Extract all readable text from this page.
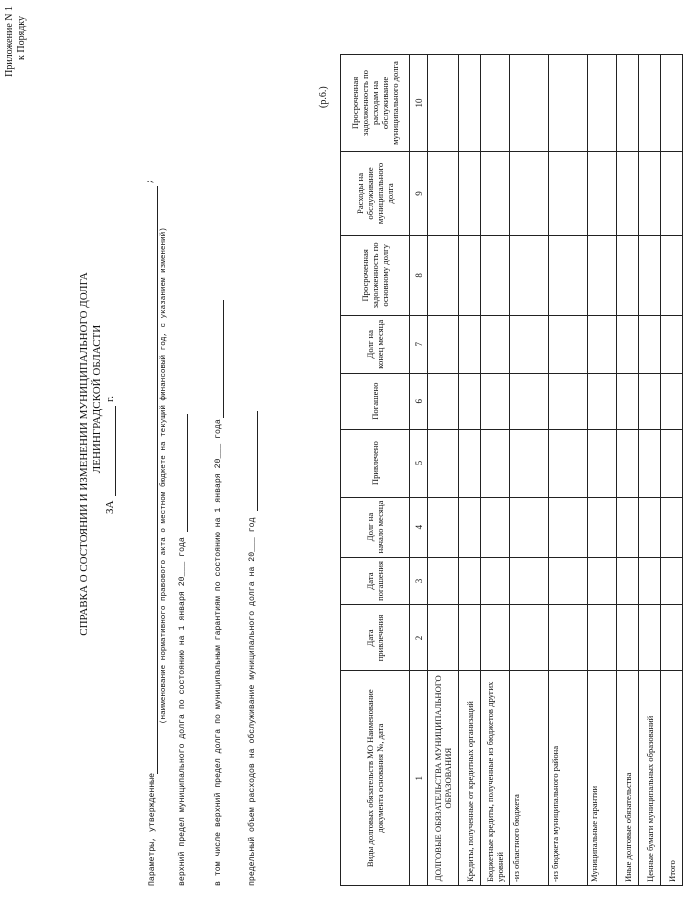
Приложение N 1 к Порядку
(р.6.)
СПРАВКА О СОСТОЯНИИ И ИЗМЕНЕНИИ МУНИЦИПАЛЬНОГО ДОЛГА ЛЕНИНГРАДСКОЙ ОБЛАСТИ
ЗА
г.
Параметры, утвержденные
;
(наименование нормативного правового акта о местном бюджете на текущий финансовый год, с указанием изменений) верхний предел муниципального долга по состоянию на 1 января 20___ года	в том числе верхний предел долга по муниципальным гарантиям по состоянию на 1 января 20___ года	предельный объем расходов на обслуживание муниципального долга на 20___ год	Виды долговых обязательств МО Наименование документа основания №, дата	Дата привлечения	Дата погашения	Долг на начало месяца	Привлечено	Погашено	Долг на конец месяца	Просроченная задолженность по основному долгу	Расходы на обслуживание муниципального долга	Просроченная задолженность по расходам на обслуживание муниципального долга
1	2	3	4	5	6	7	8	9	10
ДОЛГОВЫЕ ОБЯЗАТЕЛЬСТВА МУНИЦИПАЛЬНОГО ОБРАЗОВАНИЯ									
Кредиты, полученные от кредитных организаций									
Бюджетные кредиты, полученные из бюджетов других уровней									
-из областного бюджета									
-из бюджета муниципального района									
Муниципальные гарантии									
Иные долговые обязательства									
Ценные бумаги муниципальных образований									
Итого									
